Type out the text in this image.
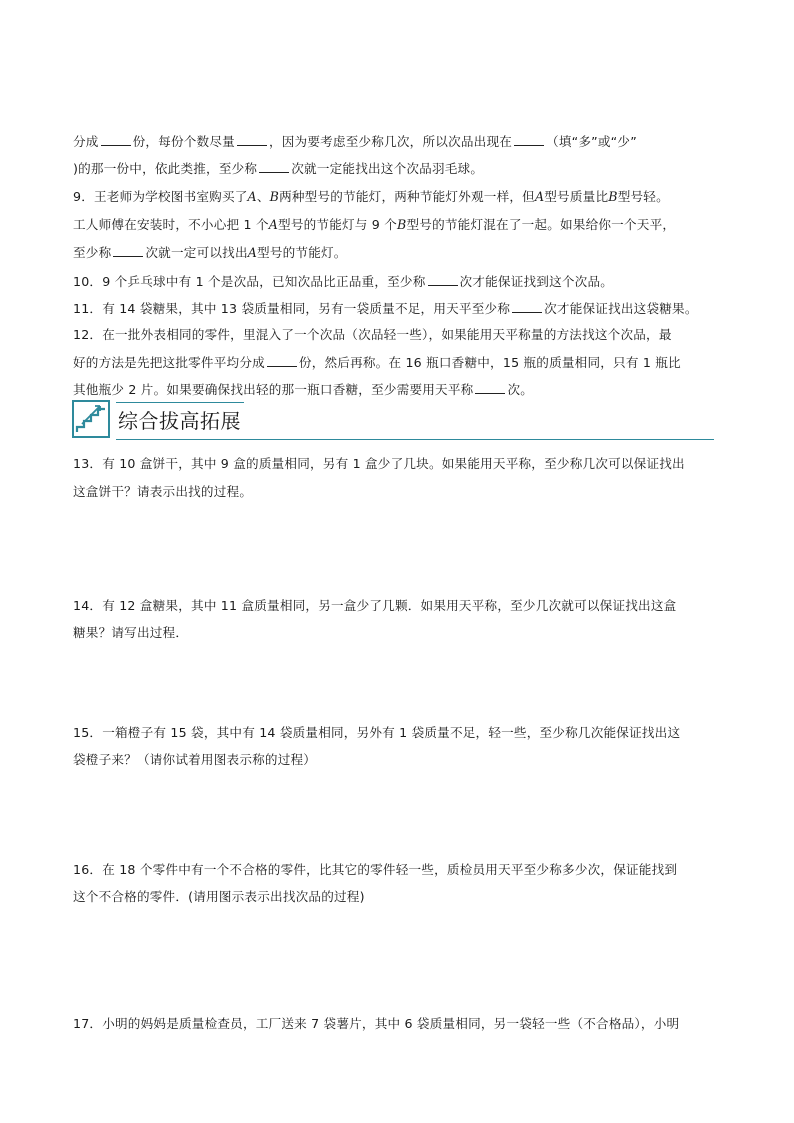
分成	份，每份个数尽量	，因为要考虑至少称几次，所以次品出现在	（填“多”或“少”
)的那一份中，依此类推，至少称	次就一定能找出这个次品羽毛球。
9．王老师为学校图书室购买了A、B两种型号的节能灯，两种节能灯外观一样，但A型号质量比B型号轻。
工人师傅在安装时，不小心把 1 个A型号的节能灯与 9 个B型号的节能灯混在了一起。如果给你一个天平，
至少称	次就一定可以找出A型号的节能灯。
10．9 个乒乓球中有 1 个是次品，已知次品比正品重，至少称	次才能保证找到这个次品。
11．有 14 袋糖果，其中 13 袋质量相同，另有一袋质量不足，用天平至少称	次才能保证找出这袋糖果。
12．在一批外表相同的零件，里混入了一个次品（次品轻一些），如果能用天平称量的方法找这个次品，最
好的方法是先把这批零件平均分成	份，然后再称。在 16 瓶口香糖中，15 瓶的质量相同，只有 1 瓶比
其他瓶少 2 片。如果要确保找出轻的那一瓶口香糖，至少需要用天平称	次。
综合拔高拓展
13．有 10 盒饼干，其中 9 盒的质量相同，另有 1 盒少了几块。如果能用天平称，至少称几次可以保证找出
这盒饼干？请表示出找的过程。
14．有 12 盒糖果，其中 11 盒质量相同，另一盒少了几颗．如果用天平称，至少几次就可以保证找出这盒
糖果？请写出过程．
15．一箱橙子有 15 袋，其中有 14 袋质量相同，另外有 1 袋质量不足，轻一些，至少称几次能保证找出这
袋橙子来？（请你试着用图表示称的过程）
16．在 18 个零件中有一个不合格的零件，比其它的零件轻一些，质检员用天平至少称多少次，保证能找到
这个不合格的零件．(请用图示表示出找次品的过程)
17．小明的妈妈是质量检查员，工厂送来 7 袋薯片，其中 6 袋质量相同，另一袋轻一些（不合格品），小明
